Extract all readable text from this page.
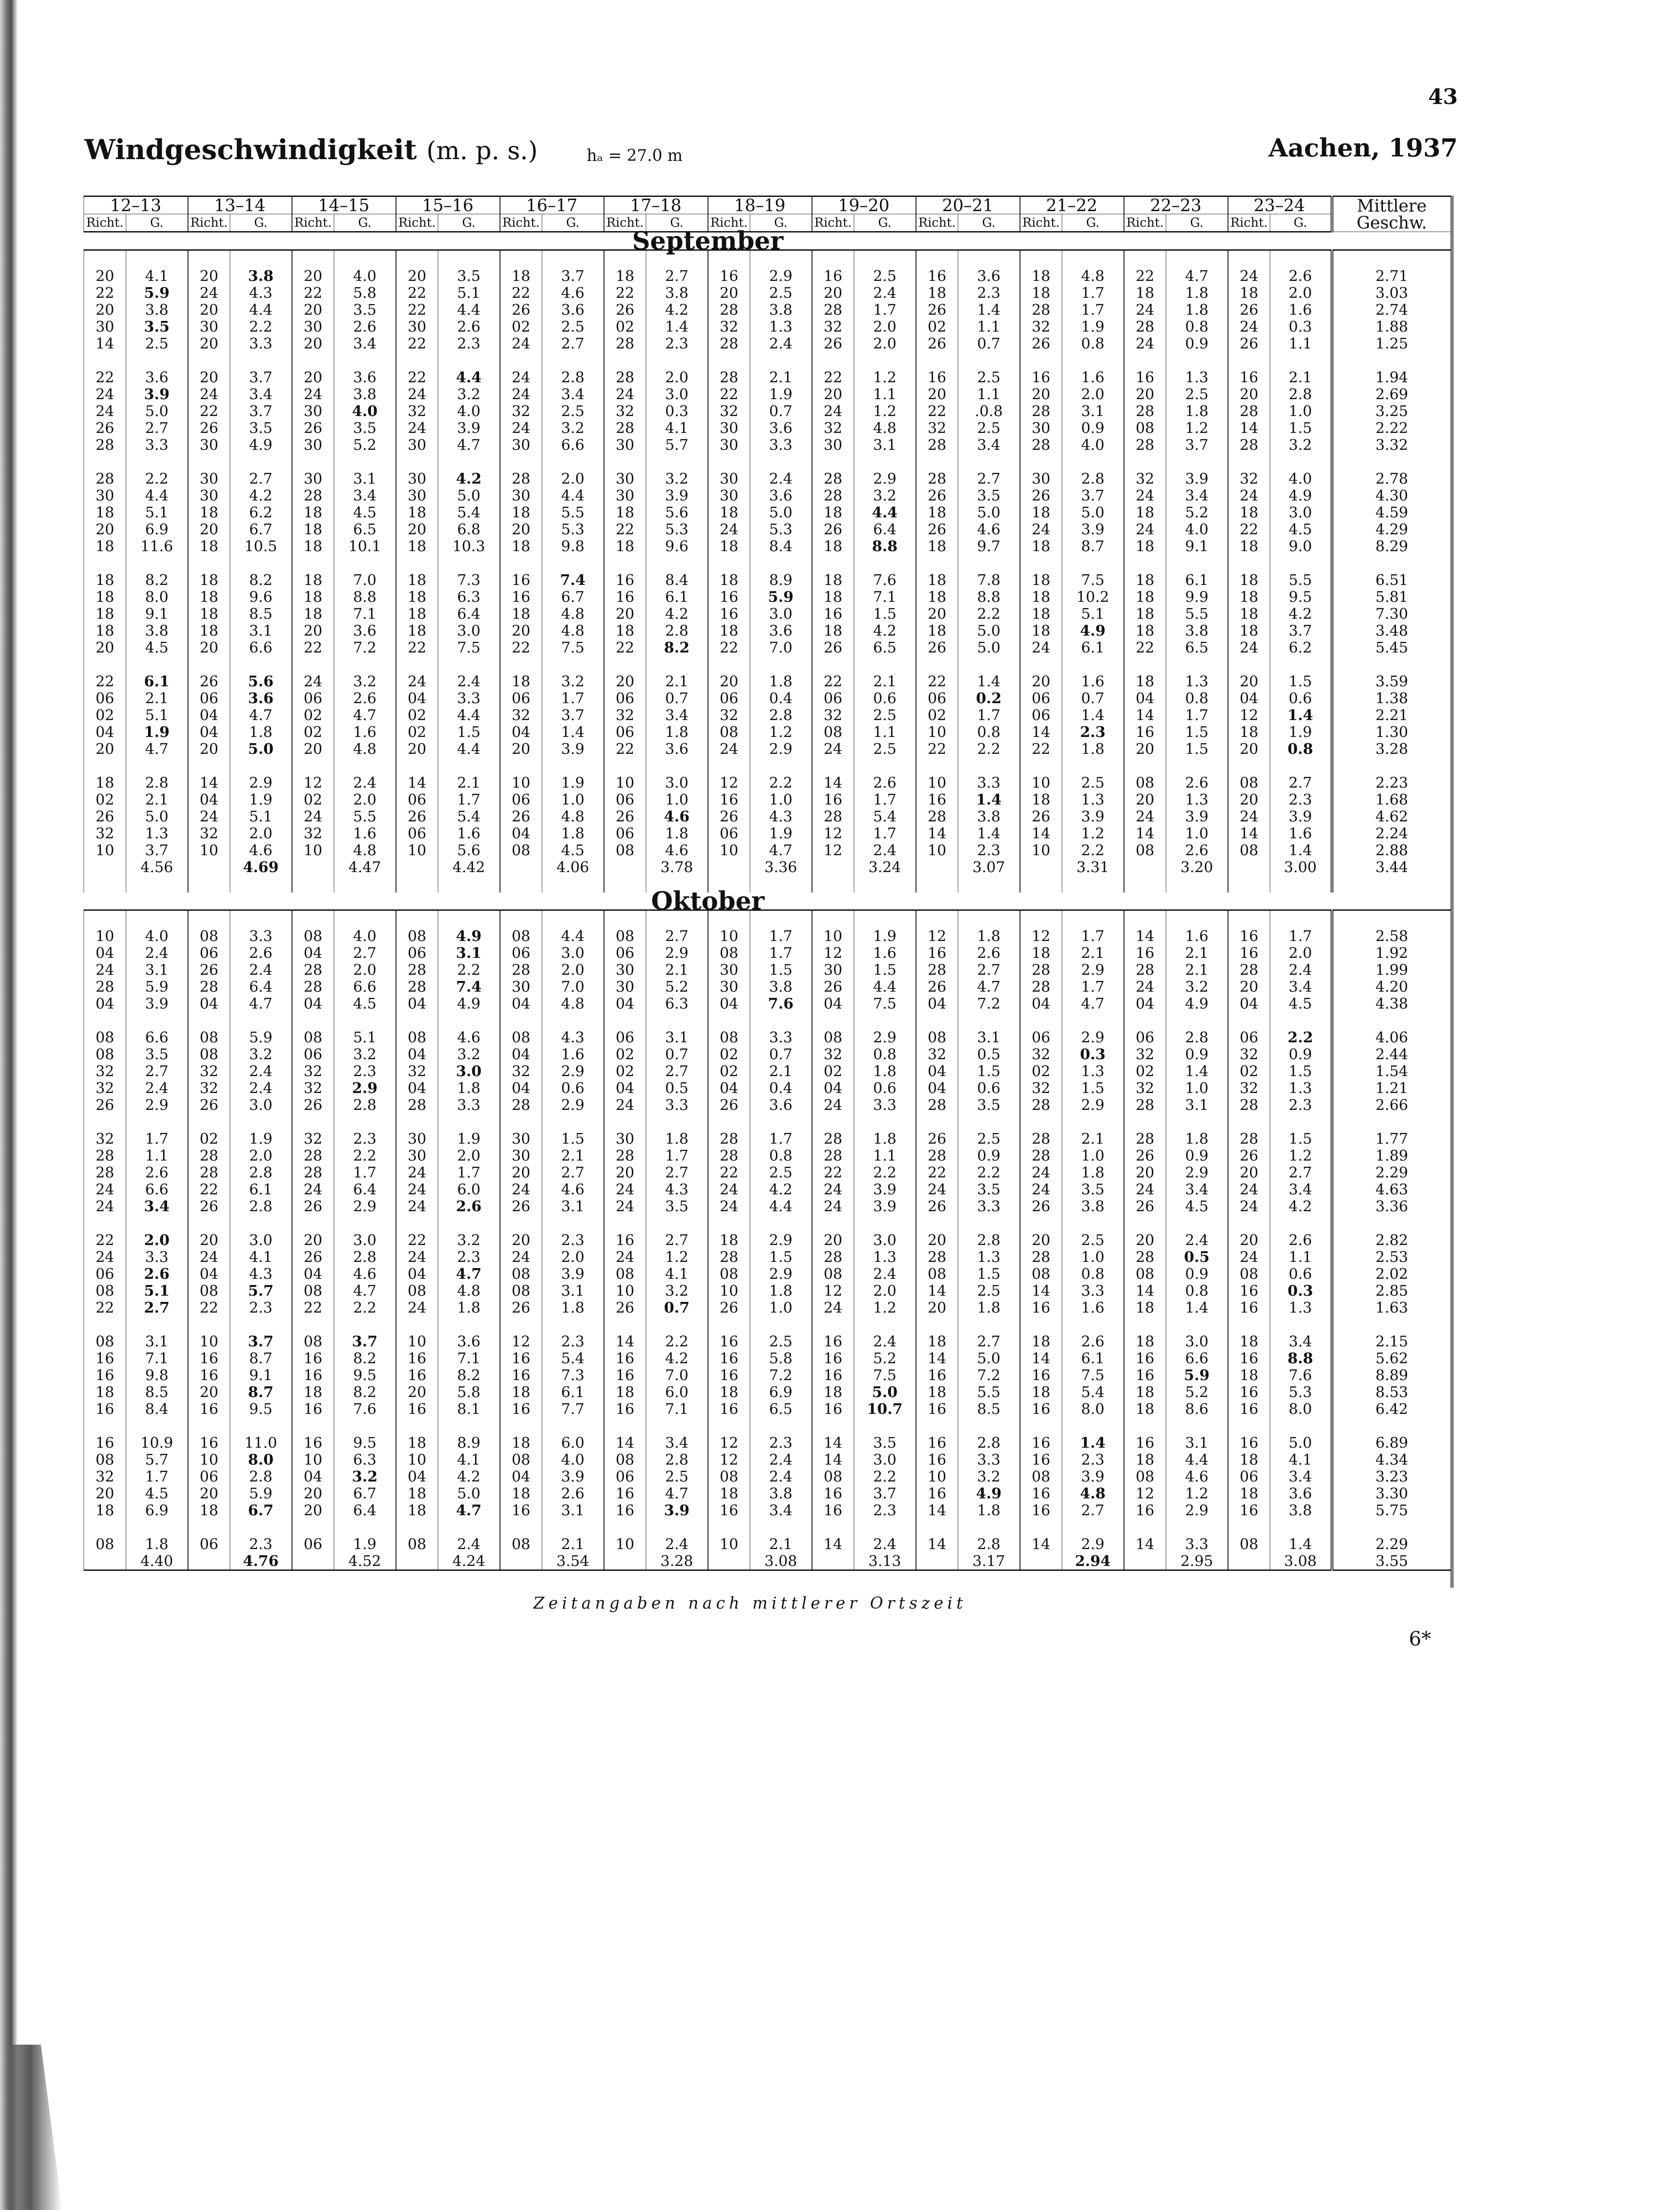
43
Windgeschwindigkeit (m. p. s.)	hₐ = 27.0 m	Aachen, 1937
12–13		13–14		14–15		15–16		16–17		17–18		18–19		19–20		20–21		21–22		22–23		23–24		Mittlere Geschw.
Richt.	G.	Richt.	G.	Richt.	G.	Richt.	G.	Richt.	G.	Richt.	G.	Richt.	G.	Richt.	G.	Richt.	G.	Richt.	G.	Richt.	G.	Richt.	G.	
September																								

20	4.1	20	3.8	20	4.0	20	3.5	18	3.7	18	2.7	16	2.9	16	2.5	16	3.6	18	4.8	22	4.7	24	2.6	2.71
22	5.9	24	4.3	22	5.8	22	5.1	22	4.6	22	3.8	20	2.5	20	2.4	18	2.3	18	1.7	18	1.8	18	2.0	3.03
20	3.8	20	4.4	20	3.5	22	4.4	26	3.6	26	4.2	28	3.8	28	1.7	26	1.4	28	1.7	24	1.8	26	1.6	2.74
30	3.5	30	2.2	30	2.6	30	2.6	02	2.5	02	1.4	32	1.3	32	2.0	02	1.1	32	1.9	28	0.8	24	0.3	1.88
14	2.5	20	3.3	20	3.4	22	2.3	24	2.7	28	2.3	28	2.4	26	2.0	26	0.7	26	0.8	24	0.9	26	1.1	1.25

22	3.6	20	3.7	20	3.6	22	4.4	24	2.8	28	2.0	28	2.1	22	1.2	16	2.5	16	1.6	16	1.3	16	2.1	1.94
24	3.9	24	3.4	24	3.8	24	3.2	24	3.4	24	3.0	22	1.9	20	1.1	20	1.1	20	2.0	20	2.5	20	2.8	2.69
24	5.0	22	3.7	30	4.0	32	4.0	32	2.5	32	0.3	32	0.7	24	1.2	22	.0.8	28	3.1	28	1.8	28	1.0	3.25
26	2.7	26	3.5	26	3.5	24	3.9	24	3.2	28	4.1	30	3.6	32	4.8	32	2.5	30	0.9	08	1.2	14	1.5	2.22
28	3.3	30	4.9	30	5.2	30	4.7	30	6.6	30	5.7	30	3.3	30	3.1	28	3.4	28	4.0	28	3.7	28	3.2	3.32

28	2.2	30	2.7	30	3.1	30	4.2	28	2.0	30	3.2	30	2.4	28	2.9	28	2.7	30	2.8	32	3.9	32	4.0	2.78
30	4.4	30	4.2	28	3.4	30	5.0	30	4.4	30	3.9	30	3.6	28	3.2	26	3.5	26	3.7	24	3.4	24	4.9	4.30
18	5.1	18	6.2	18	4.5	18	5.4	18	5.5	18	5.6	18	5.0	18	4.4	18	5.0	18	5.0	18	5.2	18	3.0	4.59
20	6.9	20	6.7	18	6.5	20	6.8	20	5.3	22	5.3	24	5.3	26	6.4	26	4.6	24	3.9	24	4.0	22	4.5	4.29
18	11.6	18	10.5	18	10.1	18	10.3	18	9.8	18	9.6	18	8.4	18	8.8	18	9.7	18	8.7	18	9.1	18	9.0	8.29

18	8.2	18	8.2	18	7.0	18	7.3	16	7.4	16	8.4	18	8.9	18	7.6	18	7.8	18	7.5	18	6.1	18	5.5	6.51
18	8.0	18	9.6	18	8.8	18	6.3	16	6.7	16	6.1	16	5.9	18	7.1	18	8.8	18	10.2	18	9.9	18	9.5	5.81
18	9.1	18	8.5	18	7.1	18	6.4	18	4.8	20	4.2	16	3.0	16	1.5	20	2.2	18	5.1	18	5.5	18	4.2	7.30
18	3.8	18	3.1	20	3.6	18	3.0	20	4.8	18	2.8	18	3.6	18	4.2	18	5.0	18	4.9	18	3.8	18	3.7	3.48
20	4.5	20	6.6	22	7.2	22	7.5	22	7.5	22	8.2	22	7.0	26	6.5	26	5.0	24	6.1	22	6.5	24	6.2	5.45

22	6.1	26	5.6	24	3.2	24	2.4	18	3.2	20	2.1	20	1.8	22	2.1	22	1.4	20	1.6	18	1.3	20	1.5	3.59
06	2.1	06	3.6	06	2.6	04	3.3	06	1.7	06	0.7	06	0.4	06	0.6	06	0.2	06	0.7	04	0.8	04	0.6	1.38
02	5.1	04	4.7	02	4.7	02	4.4	32	3.7	32	3.4	32	2.8	32	2.5	02	1.7	06	1.4	14	1.7	12	1.4	2.21
04	1.9	04	1.8	02	1.6	02	1.5	04	1.4	06	1.8	08	1.2	08	1.1	10	0.8	14	2.3	16	1.5	18	1.9	1.30
20	4.7	20	5.0	20	4.8	20	4.4	20	3.9	22	3.6	24	2.9	24	2.5	22	2.2	22	1.8	20	1.5	20	0.8	3.28

18	2.8	14	2.9	12	2.4	14	2.1	10	1.9	10	3.0	12	2.2	14	2.6	10	3.3	10	2.5	08	2.6	08	2.7	2.23
02	2.1	04	1.9	02	2.0	06	1.7	06	1.0	06	1.0	16	1.0	16	1.7	16	1.4	18	1.3	20	1.3	20	2.3	1.68
26	5.0	24	5.1	24	5.5	26	5.4	26	4.8	26	4.6	26	4.3	28	5.4	28	3.8	26	3.9	24	3.9	24	3.9	4.62
32	1.3	32	2.0	32	1.6	06	1.6	04	1.8	06	1.8	06	1.9	12	1.7	14	1.4	14	1.2	14	1.0	14	1.6	2.24
10	3.7	10	4.6	10	4.8	10	5.6	08	4.5	08	4.6	10	4.7	12	2.4	10	2.3	10	2.2	08	2.6	08	1.4	2.88
	4.56		4.69		4.47		4.42		4.06		3.78		3.36		3.24		3.07		3.31		3.20		3.00	3.44

Oktober																								

10	4.0	08	3.3	08	4.0	08	4.9	08	4.4	08	2.7	10	1.7	10	1.9	12	1.8	12	1.7	14	1.6	16	1.7	2.58
04	2.4	06	2.6	04	2.7	06	3.1	06	3.0	06	2.9	08	1.7	12	1.6	16	2.6	18	2.1	16	2.1	16	2.0	1.92
24	3.1	26	2.4	28	2.0	28	2.2	28	2.0	30	2.1	30	1.5	30	1.5	28	2.7	28	2.9	28	2.1	28	2.4	1.99
28	5.9	28	6.4	28	6.6	28	7.4	30	7.0	30	5.2	30	3.8	26	4.4	26	4.7	28	1.7	24	3.2	20	3.4	4.20
04	3.9	04	4.7	04	4.5	04	4.9	04	4.8	04	6.3	04	7.6	04	7.5	04	7.2	04	4.7	04	4.9	04	4.5	4.38

08	6.6	08	5.9	08	5.1	08	4.6	08	4.3	06	3.1	08	3.3	08	2.9	08	3.1	06	2.9	06	2.8	06	2.2	4.06
08	3.5	08	3.2	06	3.2	04	3.2	04	1.6	02	0.7	02	0.7	32	0.8	32	0.5	32	0.3	32	0.9	32	0.9	2.44
32	2.7	32	2.4	32	2.3	32	3.0	32	2.9	02	2.7	02	2.1	02	1.8	04	1.5	02	1.3	02	1.4	02	1.5	1.54
32	2.4	32	2.4	32	2.9	04	1.8	04	0.6	04	0.5	04	0.4	04	0.6	04	0.6	32	1.5	32	1.0	32	1.3	1.21
26	2.9	26	3.0	26	2.8	28	3.3	28	2.9	24	3.3	26	3.6	24	3.3	28	3.5	28	2.9	28	3.1	28	2.3	2.66

32	1.7	02	1.9	32	2.3	30	1.9	30	1.5	30	1.8	28	1.7	28	1.8	26	2.5	28	2.1	28	1.8	28	1.5	1.77
28	1.1	28	2.0	28	2.2	30	2.0	30	2.1	28	1.7	28	0.8	28	1.1	28	0.9	28	1.0	26	0.9	26	1.2	1.89
28	2.6	28	2.8	28	1.7	24	1.7	20	2.7	20	2.7	22	2.5	22	2.2	22	2.2	24	1.8	20	2.9	20	2.7	2.29
24	6.6	22	6.1	24	6.4	24	6.0	24	4.6	24	4.3	24	4.2	24	3.9	24	3.5	24	3.5	24	3.4	24	3.4	4.63
24	3.4	26	2.8	26	2.9	24	2.6	26	3.1	24	3.5	24	4.4	24	3.9	26	3.3	26	3.8	26	4.5	24	4.2	3.36

22	2.0	20	3.0	20	3.0	22	3.2	20	2.3	16	2.7	18	2.9	20	3.0	20	2.8	20	2.5	20	2.4	20	2.6	2.82
24	3.3	24	4.1	26	2.8	24	2.3	24	2.0	24	1.2	28	1.5	28	1.3	28	1.3	28	1.0	28	0.5	24	1.1	2.53
06	2.6	04	4.3	04	4.6	04	4.7	08	3.9	08	4.1	08	2.9	08	2.4	08	1.5	08	0.8	08	0.9	08	0.6	2.02
08	5.1	08	5.7	08	4.7	08	4.8	08	3.1	10	3.2	10	1.8	12	2.0	14	2.5	14	3.3	14	0.8	16	0.3	2.85
22	2.7	22	2.3	22	2.2	24	1.8	26	1.8	26	0.7	26	1.0	24	1.2	20	1.8	16	1.6	18	1.4	16	1.3	1.63

08	3.1	10	3.7	08	3.7	10	3.6	12	2.3	14	2.2	16	2.5	16	2.4	18	2.7	18	2.6	18	3.0	18	3.4	2.15
16	7.1	16	8.7	16	8.2	16	7.1	16	5.4	16	4.2	16	5.8	16	5.2	14	5.0	14	6.1	16	6.6	16	8.8	5.62
16	9.8	16	9.1	16	9.5	16	8.2	16	7.3	16	7.0	16	7.2	16	7.5	16	7.2	16	7.5	16	5.9	18	7.6	8.89
18	8.5	20	8.7	18	8.2	20	5.8	18	6.1	18	6.0	18	6.9	18	5.0	18	5.5	18	5.4	18	5.2	16	5.3	8.53
16	8.4	16	9.5	16	7.6	16	8.1	16	7.7	16	7.1	16	6.5	16	10.7	16	8.5	16	8.0	18	8.6	16	8.0	6.42

16	10.9	16	11.0	16	9.5	18	8.9	18	6.0	14	3.4	12	2.3	14	3.5	16	2.8	16	1.4	16	3.1	16	5.0	6.89
08	5.7	10	8.0	10	6.3	10	4.1	08	4.0	08	2.8	12	2.4	14	3.0	16	3.3	16	2.3	18	4.4	18	4.1	4.34
32	1.7	06	2.8	04	3.2	04	4.2	04	3.9	06	2.5	08	2.4	08	2.2	10	3.2	08	3.9	08	4.6	06	3.4	3.23
20	4.5	20	5.9	20	6.7	18	5.0	18	2.6	16	4.7	18	3.8	16	3.7	16	4.9	16	4.8	12	1.2	18	3.6	3.30
18	6.9	18	6.7	20	6.4	18	4.7	16	3.1	16	3.9	16	3.4	16	2.3	14	1.8	16	2.7	16	2.9	16	3.8	5.75

08	1.8	06	2.3	06	1.9	08	2.4	08	2.1	10	2.4	10	2.1	14	2.4	14	2.8	14	2.9	14	3.3	08	1.4	2.29
	4.40		4.76		4.52		4.24		3.54		3.28		3.08		3.13		3.17		2.94		2.95		3.08	3.55

Zeitangaben nach mittlerer Ortszeit
6*
